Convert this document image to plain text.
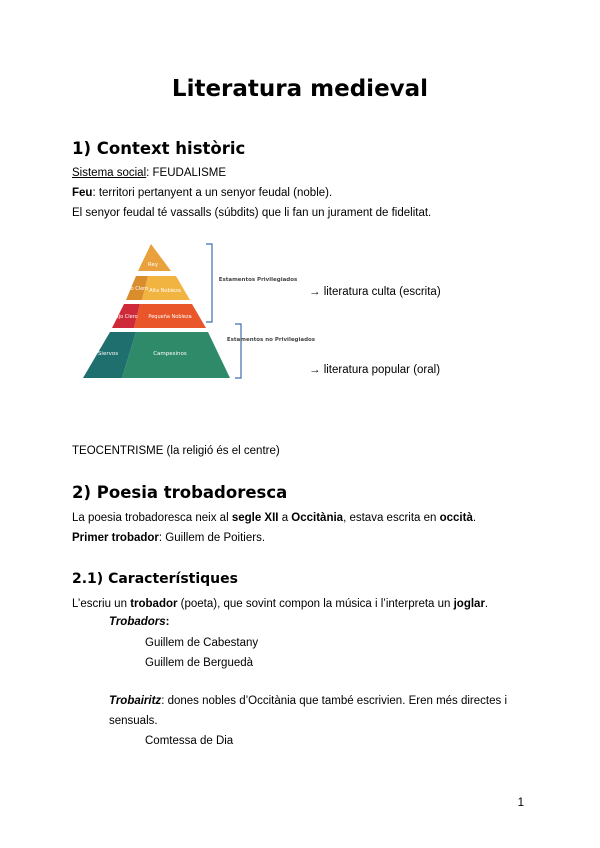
Literatura medieval
1) Context històric
Sistema social: FEUDALISME
Feu: territori pertanyent a un senyor feudal (noble).
El senyor feudal té vassalls (súbdits) que li fan un jurament de fidelitat.
Rey
Alto Clero Alta Nobleza
Bajo Clero Pequeña Nobleza
Siervos	Campesinos
Estamentos Privilegiados
Estamentos no Privilegiados
→ literatura culta (escrita)
→ literatura popular (oral)
TEOCENTRISME (la religió és el centre)
2) Poesia trobadoresca
La poesia trobadoresca neix al segle XII a Occitània, estava escrita en occità.
Primer trobador: Guillem de Poitiers.
2.1) Característiques
L’escriu un trobador (poeta), que sovint compon la música i l’interpreta un joglar.
Trobadors:
Guillem de Cabestany
Guillem de Berguedà
Trobairitz: dones nobles d’Occitània que també escrivien. Eren més directes i
sensuals.
Comtessa de Dia
1
